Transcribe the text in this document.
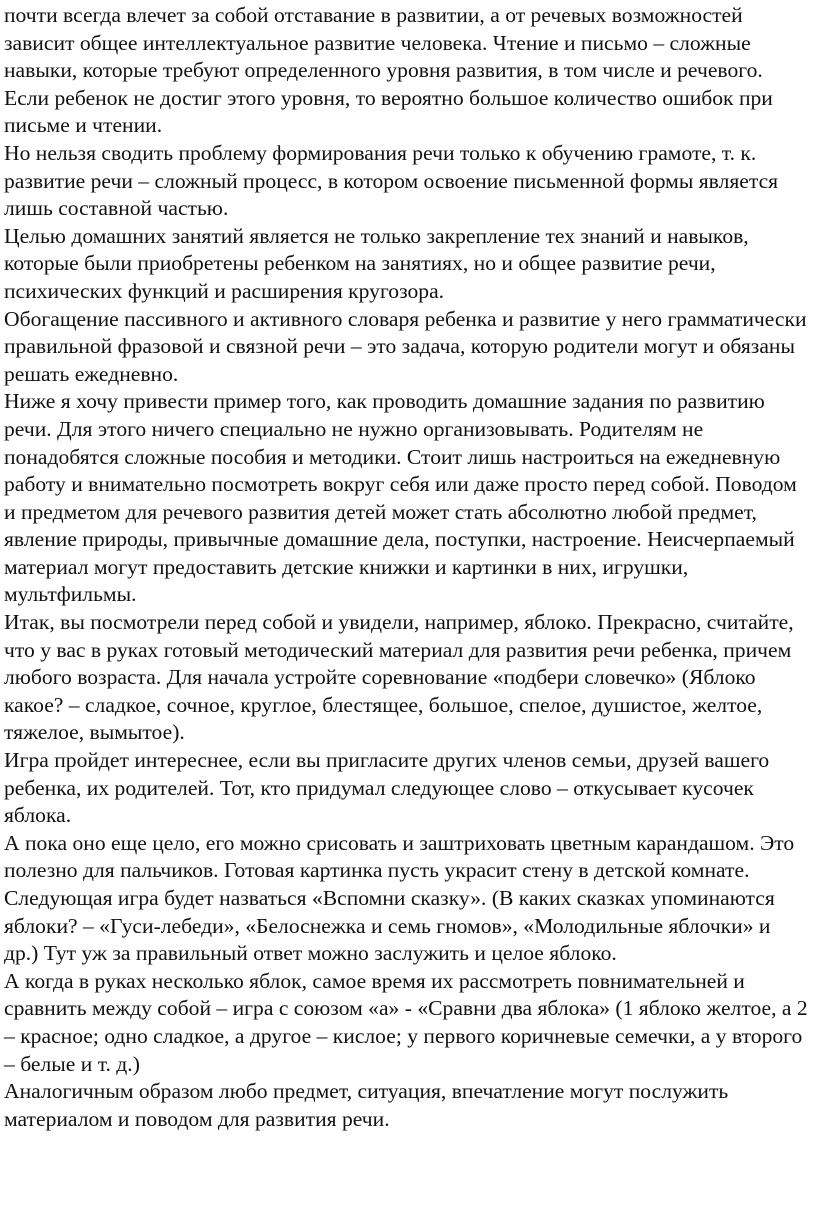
почти всегда влечет за собой отставание в развитии, а от речевых возможностей зависит общее интеллектуальное развитие человека. Чтение и письмо – сложные навыки, которые требуют определенного уровня развития, в том числе и речевого. Если ребенок не достиг этого уровня, то вероятно большое количество ошибок при письме и чтении.

Но нельзя сводить проблему формирования речи только к обучению грамоте, т. к. развитие речи – сложный процесс, в котором освоение письменной формы является лишь составной частью.

Целью домашних занятий является не только закрепление тех знаний и навыков, которые были приобретены ребенком на занятиях, но и общее развитие речи, психических функций и расширения кругозора.

Обогащение пассивного и активного словаря ребенка и развитие у него грамматически правильной фразовой и связной речи – это задача, которую родители могут и обязаны решать ежедневно.

Ниже я хочу привести пример того, как проводить домашние задания по развитию речи. Для этого ничего специально не нужно организовывать. Родителям не понадобятся сложные пособия и методики. Стоит лишь настроиться на ежедневную работу и внимательно посмотреть вокруг себя или даже просто перед собой. Поводом и предметом для речевого развития детей может стать абсолютно любой предмет, явление природы, привычные домашние дела, поступки, настроение. Неисчерпаемый материал могут предоставить детские книжки и картинки в них, игрушки, мультфильмы.

Итак, вы посмотрели перед собой и увидели, например, яблоко. Прекрасно, считайте, что у вас в руках готовый методический материал для развития речи ребенка, причем любого возраста. Для начала устройте соревнование «подбери словечко» (Яблоко какое? – сладкое, сочное, круглое, блестящее, большое, спелое, душистое, желтое, тяжелое, вымытое).

Игра пройдет интереснее, если вы пригласите других членов семьи, друзей вашего ребенка, их родителей. Тот, кто придумал следующее слово – откусывает кусочек яблока.

А пока оно еще цело, его можно срисовать и заштриховать цветным карандашом. Это полезно для пальчиков. Готовая картинка пусть украсит стену в детской комнате.

Следующая игра будет назваться «Вспомни сказку». (В каких сказках упоминаются яблоки? – «Гуси-лебеди», «Белоснежка и семь гномов», «Молодильные яблочки» и др.) Тут уж за правильный ответ можно заслужить и целое яблоко.

А когда в руках несколько яблок, самое время их рассмотреть повнимательней и сравнить между собой – игра с союзом «а» - «Сравни два яблока» (1 яблоко желтое, а 2 – красное; одно сладкое, а другое – кислое; у первого коричневые семечки, а у второго – белые и т. д.)

Аналогичным образом любо предмет, ситуация, впечатление могут послужить материалом и поводом для развития речи.
